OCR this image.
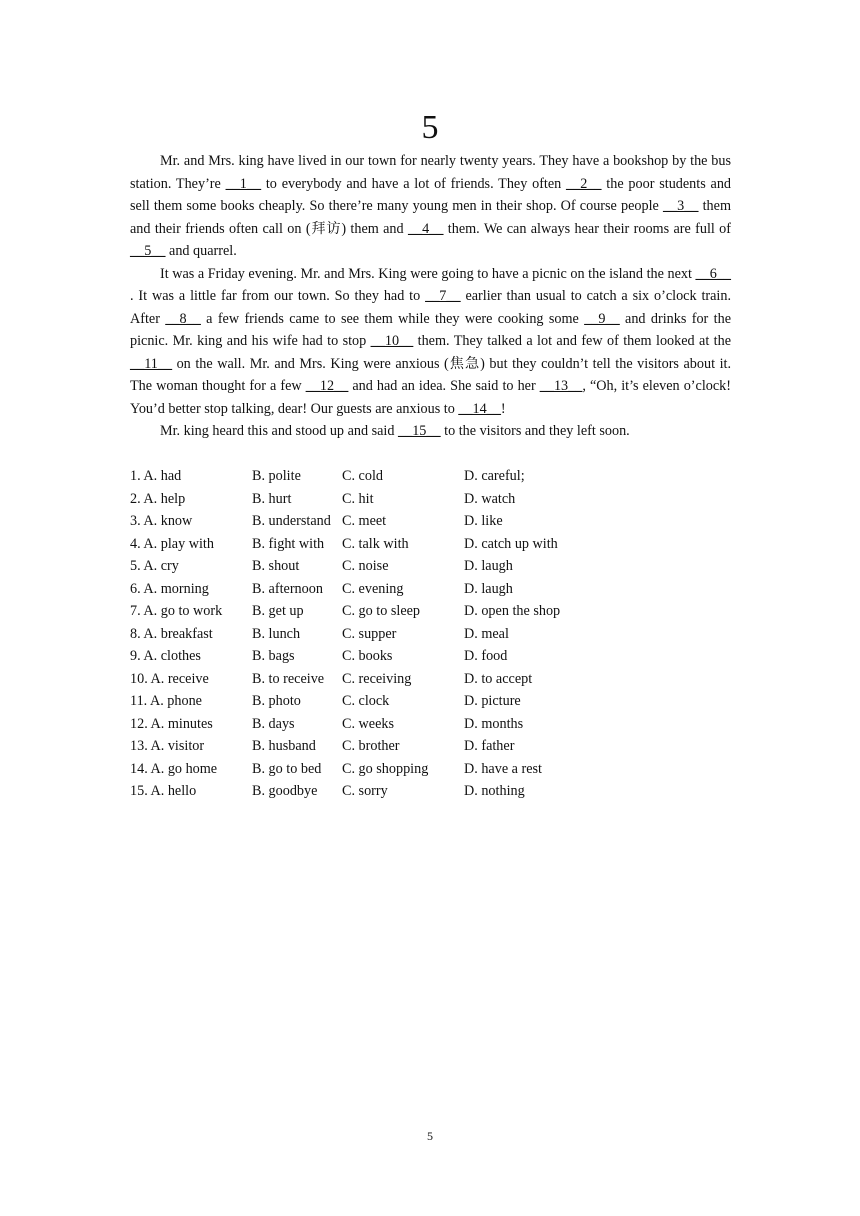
5

Mr. and Mrs. king have lived in our town for nearly twenty years. They have a bookshop by the bus station. They’re __1__ to everybody and have a lot of friends. They often __2__ the poor students and sell them some books cheaply. So there’re many young men in their shop. Of course people __3__ them and their friends often call on (拜访) them and __4__ them. We can always hear their rooms are full of __5__ and quarrel.

It was a Friday evening. Mr. and Mrs. King were going to have a picnic on the island the next __6__ . It was a little far from our town. So they had to __7__ earlier than usual to catch a six o’clock train. After __8__ a few friends came to see them while they were cooking some __9__ and drinks for the picnic. Mr. king and his wife had to stop __10__ them. They talked a lot and few of them looked at the __11__ on the wall. Mr. and Mrs. King were anxious (焦急) but they couldn’t tell the visitors about it. The woman thought for a few __12__ and had an idea. She said to her __13__, “Oh, it’s eleven o’clock! You’d better stop talking, dear! Our guests are anxious to __14__!

Mr. king heard this and stood up and said __15__ to the visitors and they left soon.

1. A. had	B. polite	C. cold	D. careful;
2. A. help	B. hurt	C. hit	D. watch
3. A. know	B. understand C. meet	D. like
4. A. play with	B. fight with	C. talk with	D. catch up with
5. A. cry	B. shout	C. noise	D. laugh
6. A. morning	B. afternoon	C. evening	D. laugh
7. A. go to work	B. get up	C. go to sleep	D. open the shop
8. A. breakfast	B. lunch	C. supper	D. meal
9. A. clothes	B. bags	C. books	D. food
10. A. receive	B. to receive	C. receiving	D. to accept
11. A. phone	B. photo	C. clock	D. picture
12. A. minutes	B. days	C. weeks	D. months
13. A. visitor	B. husband	C. brother	D. father
14. A. go home	B. go to bed	C. go shopping	D. have a rest
15. A. hello	B. goodbye	C. sorry	D. nothing
5
